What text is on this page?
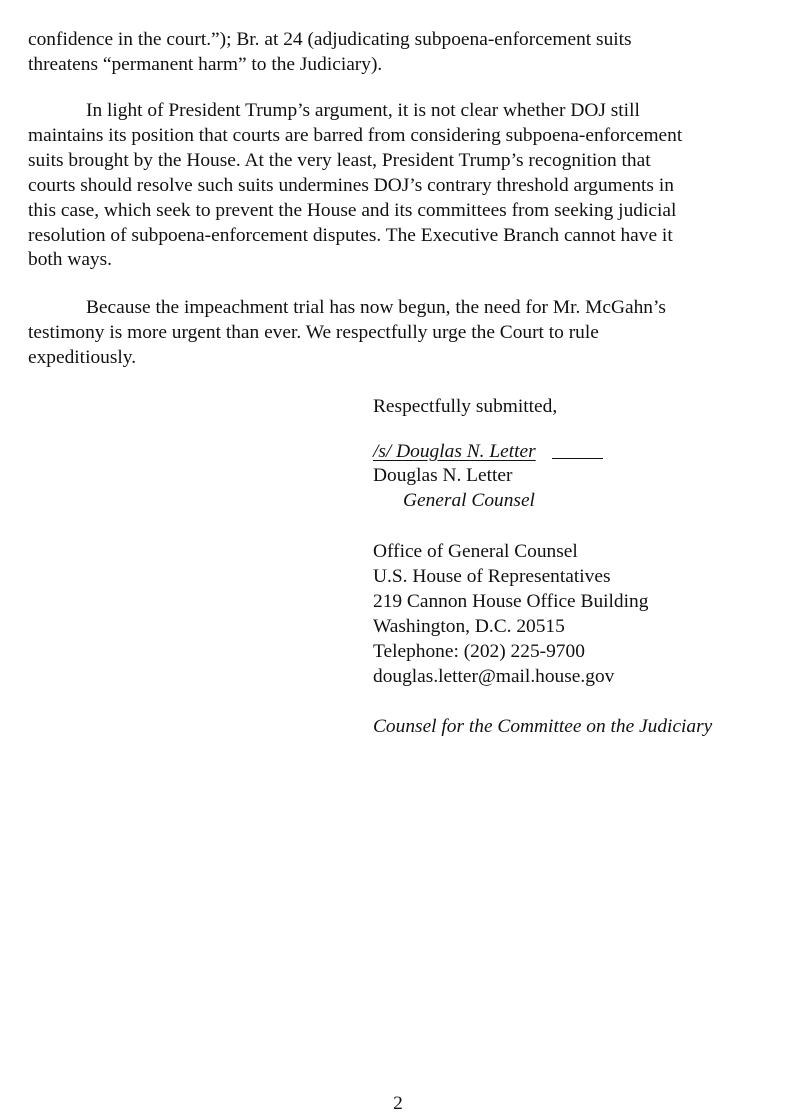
confidence in the court.”); Br. at 24 (adjudicating subpoena-enforcement suits
threatens “permanent harm” to the Judiciary).
In light of President Trump’s argument, it is not clear whether DOJ still
maintains its position that courts are barred from considering subpoena-enforcement
suits brought by the House. At the very least, President Trump’s recognition that
courts should resolve such suits undermines DOJ’s contrary threshold arguments in
this case, which seek to prevent the House and its committees from seeking judicial
resolution of subpoena-enforcement disputes. The Executive Branch cannot have it
both ways.
Because the impeachment trial has now begun, the need for Mr. McGahn’s
testimony is more urgent than ever. We respectfully urge the Court to rule
expeditiously.
Respectfully submitted,
/s/ Douglas N. Letter
Douglas N. Letter
General Counsel
Office of General Counsel
U.S. House of Representatives
219 Cannon House Office Building
Washington, D.C. 20515
Telephone: (202) 225-9700
douglas.letter@mail.house.gov
Counsel for the Committee on the Judiciary
2
